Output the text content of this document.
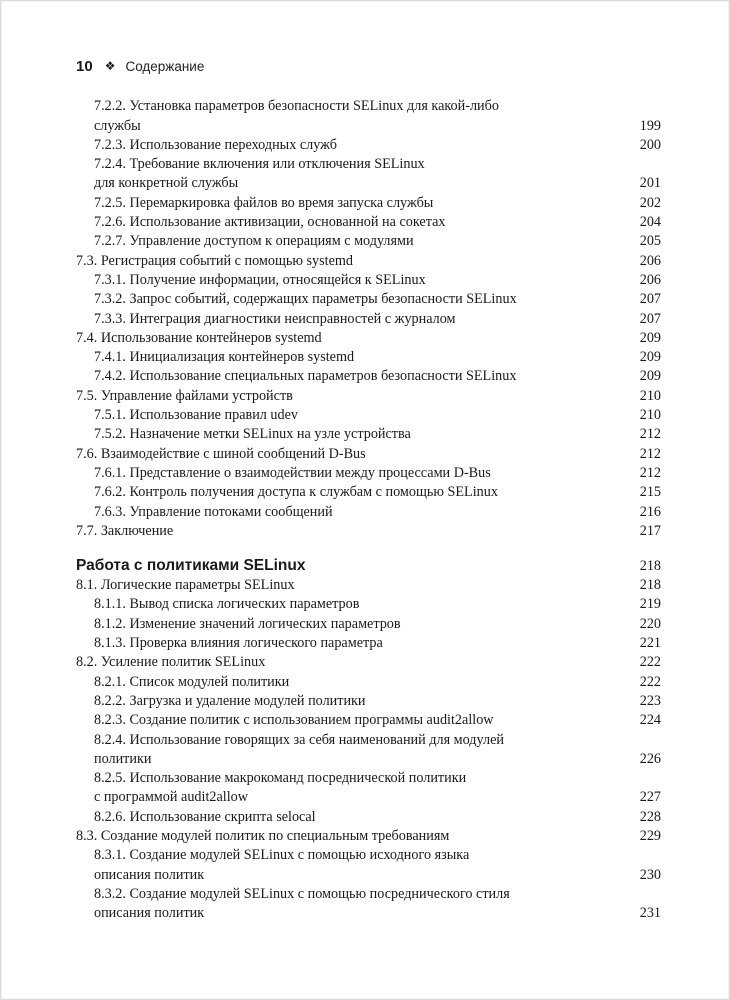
10 ❖ Содержание
7.2.2. Установка параметров безопасности SELinux для какой-либо
службы	199
7.2.3. Использование переходных служб	200
7.2.4. Требование включения или отключения SELinux
для конкретной службы	201
7.2.5. Перемаркировка файлов во время запуска службы	202
7.2.6. Использование активизации, основанной на сокетах	204
7.2.7. Управление доступом к операциям с модулями	205
7.3. Регистрация событий с помощью systemd	206
7.3.1. Получение информации, относящейся к SELinux	206
7.3.2. Запрос событий, содержащих параметры безопасности SELinux	207
7.3.3. Интеграция диагностики неисправностей с журналом	207
7.4. Использование контейнеров systemd	209
7.4.1. Инициализация контейнеров systemd	209
7.4.2. Использование специальных параметров безопасности SELinux	209
7.5. Управление файлами устройств	210
7.5.1. Использование правил udev	210
7.5.2. Назначение метки SELinux на узле устройства	212
7.6. Взаимодействие с шиной сообщений D-Bus	212
7.6.1. Представление о взаимодействии между процессами D-Bus	212
7.6.2. Контроль получения доступа к службам с помощью SELinux	215
7.6.3. Управление потоками сообщений	216
7.7. Заключение	217
Работа с политиками SELinux	218
8.1. Логические параметры SELinux	218
8.1.1. Вывод списка логических параметров	219
8.1.2. Изменение значений логических параметров	220
8.1.3. Проверка влияния логического параметра	221
8.2. Усиление политик SELinux	222
8.2.1. Список модулей политики	222
8.2.2. Загрузка и удаление модулей политики	223
8.2.3. Создание политик с использованием программы audit2allow	224
8.2.4. Использование говорящих за себя наименований для модулей
политики	226
8.2.5. Использование макрокоманд посреднической политики
с программой audit2allow	227
8.2.6. Использование скрипта selocal	228
8.3. Создание модулей политик по специальным требованиям	229
8.3.1. Создание модулей SELinux с помощью исходного языка
описания политик	230
8.3.2. Создание модулей SELinux с помощью посреднического стиля
описания политик	231
